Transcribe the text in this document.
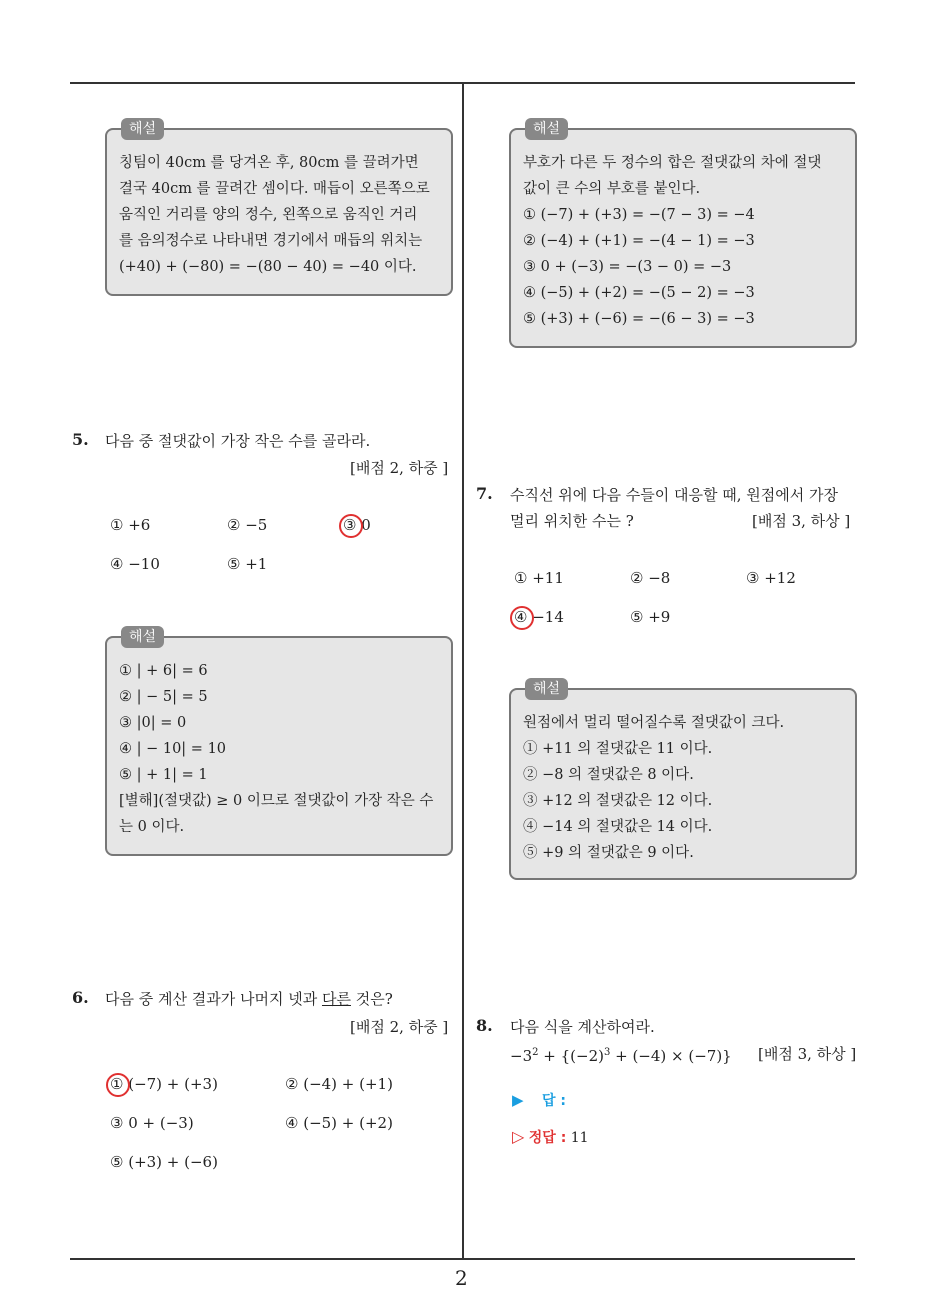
2
해설

칭팀이 40cm 를 당겨온 후, 80cm 를 끌려가면

결국 40cm 를 끌려간 셈이다. 매듭이 오른쪽으로

움직인 거리를 양의 정수, 왼쪽으로 움직인 거리

를 음의정수로 나타내면 경기에서 매듭의 위치는

(+40) + (−80) = −(80 − 40) = −40 이다.

해설

부호가 다른 두 정수의 합은 절댓값의 차에 절댓

값이 큰 수의 부호를 붙인다.

① (−7) + (+3) = −(7 − 3) = −4

② (−4) + (+1) = −(4 − 1) = −3

③ 0 + (−3) = −(3 − 0) = −3

④ (−5) + (+2) = −(5 − 2) = −3

⑤ (+3) + (−6) = −(6 − 3) = −3

5. 다음 중 절댓값이 가장 작은 수를 골라라.
[배점 2, 하중 ]
① +6	② −5	③ 0
④ −10	⑤ +1
해설

① | + 6| = 6

② | − 5| = 5

③ |0| = 0

④ | − 10| = 10

⑤ | + 1| = 1

[별해](절댓값) ≥ 0 이므로 절댓값이 가장 작은 수

는 0 이다.

6. 다음 중 계산 결과가 나머지 넷과 다른 것은?
[배점 2, 하중 ]
① (−7) + (+3)	② (−4) + (+1)
③ 0 + (−3)	④ (−5) + (+2)
⑤ (+3) + (−6)
7. 수직선 위에 다음 수들이 대응할 때, 원점에서 가장
멀리 위치한 수는 ?	[배점 3, 하상 ]
① +11	② −8	③ +12
④ −14	⑤ +9
해설

원점에서 멀리 떨어질수록 절댓값이 크다.

① +11 의 절댓값은 11 이다.

② −8 의 절댓값은 8 이다.

③ +12 의 절댓값은 12 이다.

④ −14 의 절댓값은 14 이다.

⑤ +9 의 절댓값은 9 이다.

8. 다음 식을 계산하여라.
$-3^2 + \{(-2)^3 + (-4) \times (-7)\}$ [배점 3, 하상 ]
▶ 답 :
▷ 정답 : 11
